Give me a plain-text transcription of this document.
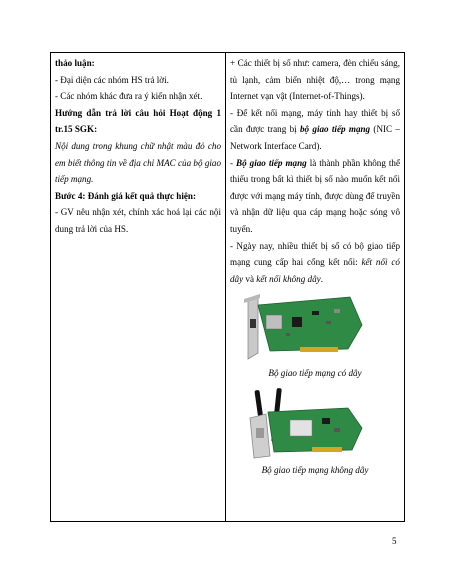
thảo luận:

- Đại diện các nhóm HS trả lời.

- Các nhóm khác đưa ra ý kiến nhận xét.

Hướng dẫn trả lời câu hỏi Hoạt động 1 tr.15 SGK:

Nội dung trong khung chữ nhật màu đỏ cho em biết thông tin về địa chỉ MAC của bộ giao tiếp mạng.

Bước 4: Đánh giá kết quả thực hiện:

- GV nêu nhận xét, chính xác hoá lại các nội dung trả lời của HS.

+ Các thiết bị số như: camera, đèn chiếu sáng, tủ lạnh, cảm biến nhiệt độ,… trong mạng Internet vạn vật (Internet-of-Things).

- Để kết nối mạng, máy tính hay thiết bị số cần được trang bị bộ giao tiếp mạng (NIC – Network Interface Card).

- Bộ giao tiếp mạng là thành phần không thể thiếu trong bất kì thiết bị số nào muốn kết nối được với mạng máy tính, được dùng để truyền và nhận dữ liệu qua cáp mạng hoặc sóng vô tuyến.

- Ngày nay, nhiều thiết bị số có bộ giao tiếp mạng cung cấp hai cổng kết nối: kết nối có dây và kết nối không dây.

Bộ giao tiếp mạng có dây

Bộ giao tiếp mạng không dây

5
